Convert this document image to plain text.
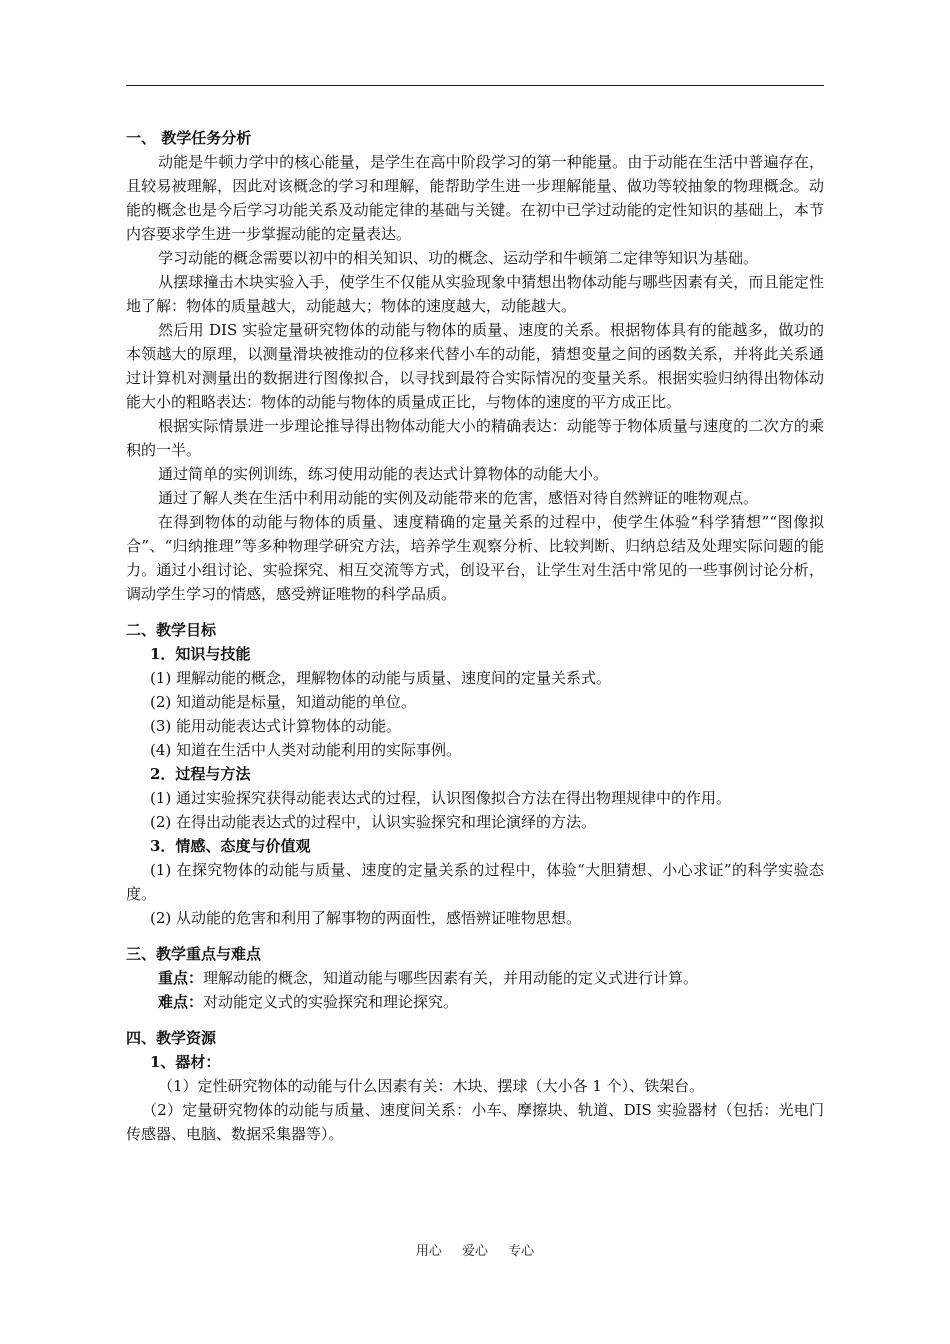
一、 教学任务分析

动能是牛顿力学中的核心能量，是学生在高中阶段学习的第一种能量。由于动能在生活中普遍存在，且较易被理解，因此对该概念的学习和理解，能帮助学生进一步理解能量、做功等较抽象的物理概念。动能的概念也是今后学习功能关系及动能定律的基础与关键。在初中已学过动能的定性知识的基础上，本节内容要求学生进一步掌握动能的定量表达。

学习动能的概念需要以初中的相关知识、功的概念、运动学和牛顿第二定律等知识为基础。

从摆球撞击木块实验入手，使学生不仅能从实验现象中猜想出物体动能与哪些因素有关，而且能定性地了解：物体的质量越大，动能越大；物体的速度越大，动能越大。

然后用 DIS 实验定量研究物体的动能与物体的质量、速度的关系。根据物体具有的能越多，做功的本领越大的原理，以测量滑块被推动的位移来代替小车的动能，猜想变量之间的函数关系，并将此关系通过计算机对测量出的数据进行图像拟合，以寻找到最符合实际情况的变量关系。根据实验归纳得出物体动能大小的粗略表达：物体的动能与物体的质量成正比，与物体的速度的平方成正比。

根据实际情景进一步理论推导得出物体动能大小的精确表达：动能等于物体质量与速度的二次方的乘积的一半。

通过简单的实例训练，练习使用动能的表达式计算物体的动能大小。

通过了解人类在生活中利用动能的实例及动能带来的危害，感悟对待自然辨证的唯物观点。

在得到物体的动能与物体的质量、速度精确的定量关系的过程中，使学生体验“科学猜想”“图像拟合”、“归纳推理”等多种物理学研究方法，培养学生观察分析、比较判断、归纳总结及处理实际问题的能力。通过小组讨论、实验探究、相互交流等方式，创设平台，让学生对生活中常见的一些事例讨论分析，调动学生学习的情感，感受辨证唯物的科学品质。

二、教学目标

1．知识与技能

(1) 理解动能的概念，理解物体的动能与质量、速度间的定量关系式。

(2) 知道动能是标量，知道动能的单位。

(3) 能用动能表达式计算物体的动能。

(4) 知道在生活中人类对动能利用的实际事例。

2．过程与方法

(1) 通过实验探究获得动能表达式的过程，认识图像拟合方法在得出物理规律中的作用。

(2) 在得出动能表达式的过程中，认识实验探究和理论演绎的方法。

3．情感、态度与价值观

(1) 在探究物体的动能与质量、速度的定量关系的过程中，体验“大胆猜想、小心求证”的科学实验态度。

(2) 从动能的危害和利用了解事物的两面性，感悟辨证唯物思想。

三、教学重点与难点

重点：理解动能的概念，知道动能与哪些因素有关，并用动能的定义式进行计算。

难点：对动能定义式的实验探究和理论探究。

四、教学资源

1、器材：

（1）定性研究物体的动能与什么因素有关：木块、摆球（大小各 1 个）、铁架台。

（2）定量研究物体的动能与质量、速度间关系：小车、摩擦块、轨道、DIS 实验器材（包括：光电门传感器、电脑、数据采集器等）。

用心 爱心 专心
